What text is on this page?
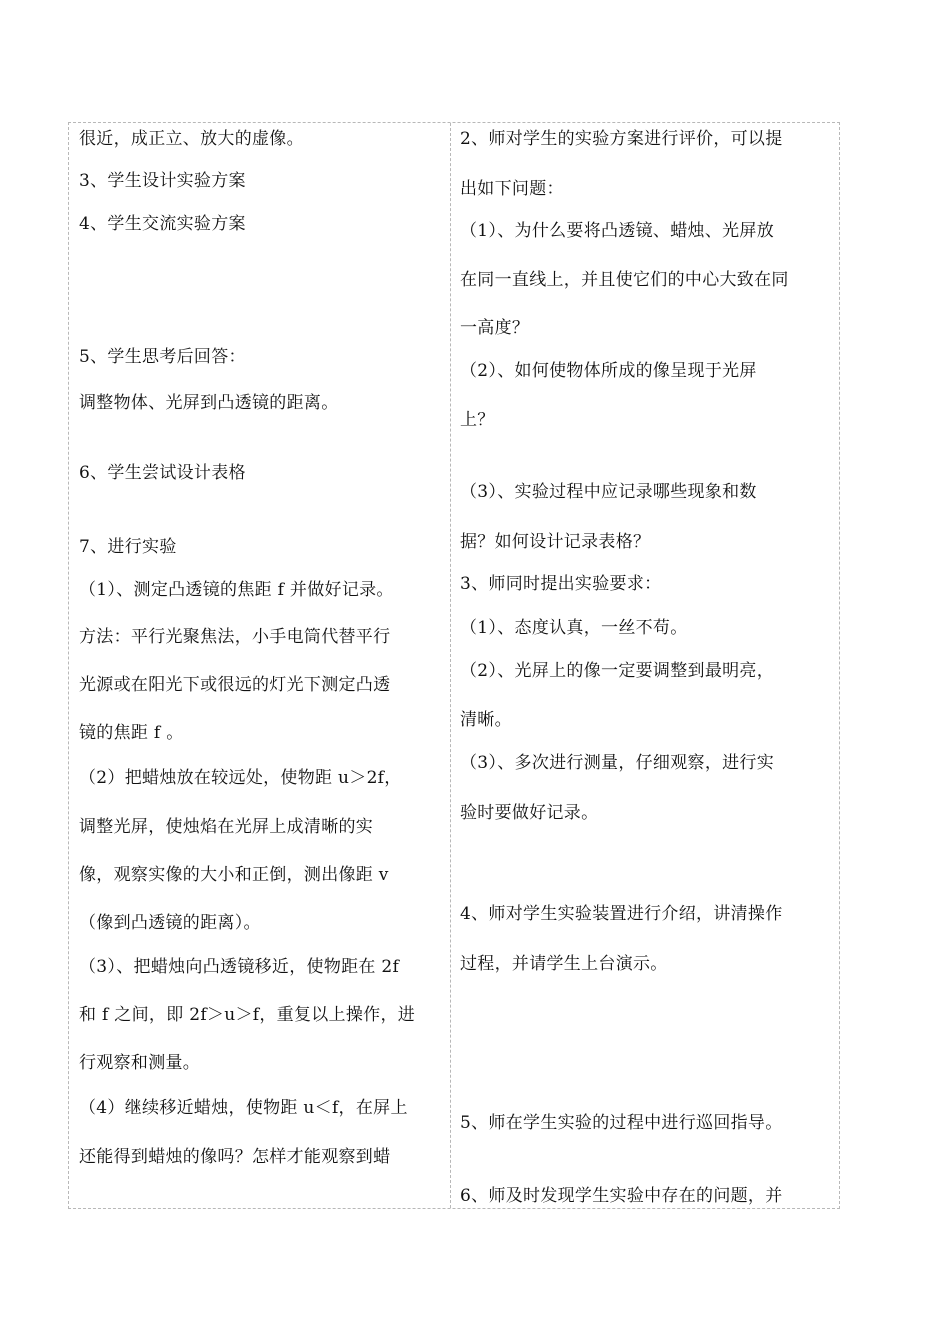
很近，成正立、放大的虚像。
3、学生设计实验方案
4、学生交流实验方案
5、学生思考后回答：
调整物体、光屏到凸透镜的距离。
6、学生尝试设计表格
7、进行实验
（1）、测定凸透镜的焦距 f 并做好记录。
方法：平行光聚焦法，小手电筒代替平行
光源或在阳光下或很远的灯光下测定凸透
镜的焦距 f 。
（2）把蜡烛放在较远处，使物距 u＞2f，
调整光屏，使烛焰在光屏上成清晰的实
像，观察实像的大小和正倒，测出像距 v
（像到凸透镜的距离）。
（3）、把蜡烛向凸透镜移近，使物距在 2f
和 f 之间，即 2f＞u＞f，重复以上操作，进
行观察和测量。
（4）继续移近蜡烛，使物距 u＜f，在屏上
还能得到蜡烛的像吗？怎样才能观察到蜡
2、师对学生的实验方案进行评价，可以提
出如下问题：
（1）、为什么要将凸透镜、蜡烛、光屏放
在同一直线上，并且使它们的中心大致在同
一高度？
（2）、如何使物体所成的像呈现于光屏
上？
（3）、实验过程中应记录哪些现象和数
据？如何设计记录表格？
3、师同时提出实验要求：
（1）、态度认真，一丝不苟。
（2）、光屏上的像一定要调整到最明亮，
清晰。
（3）、多次进行测量，仔细观察，进行实
验时要做好记录。
4、师对学生实验装置进行介绍，讲清操作
过程，并请学生上台演示。
5、师在学生实验的过程中进行巡回指导。
6、师及时发现学生实验中存在的问题，并
